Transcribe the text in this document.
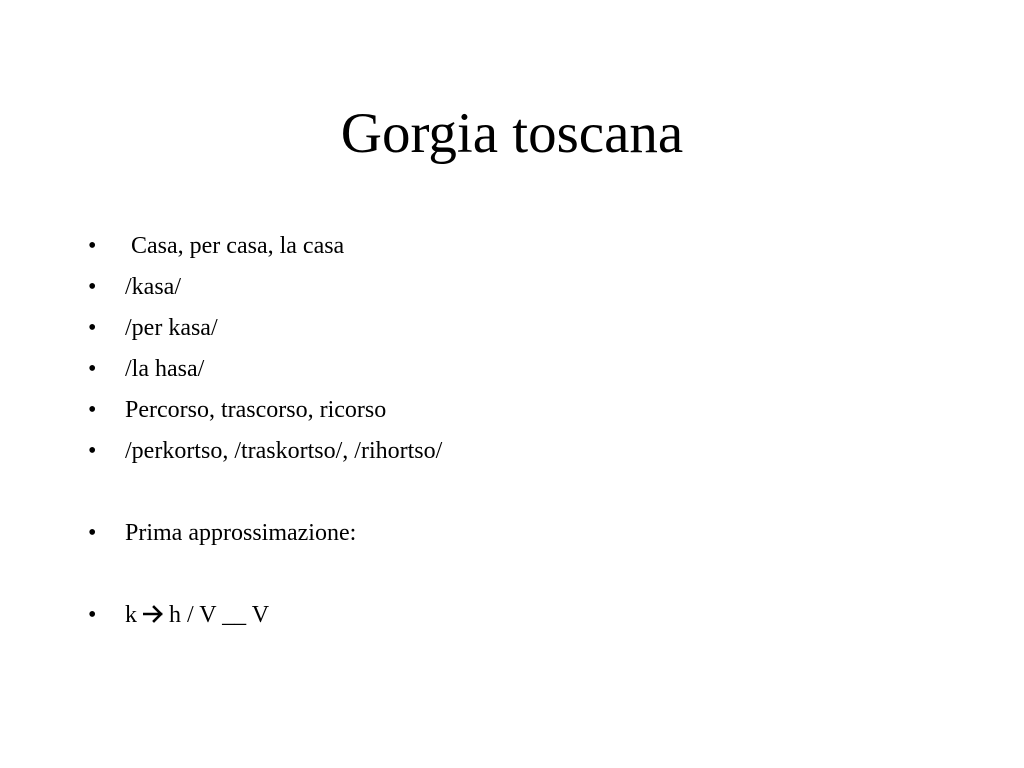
Gorgia toscana
• Casa, per casa, la casa
• /kasa/
• /per kasa/
• /la hasa/
• Percorso, trascorso, ricorso
• /perkortso, /traskortso/, /rihortso/
• Prima approssimazione:
• k h / V __ V
